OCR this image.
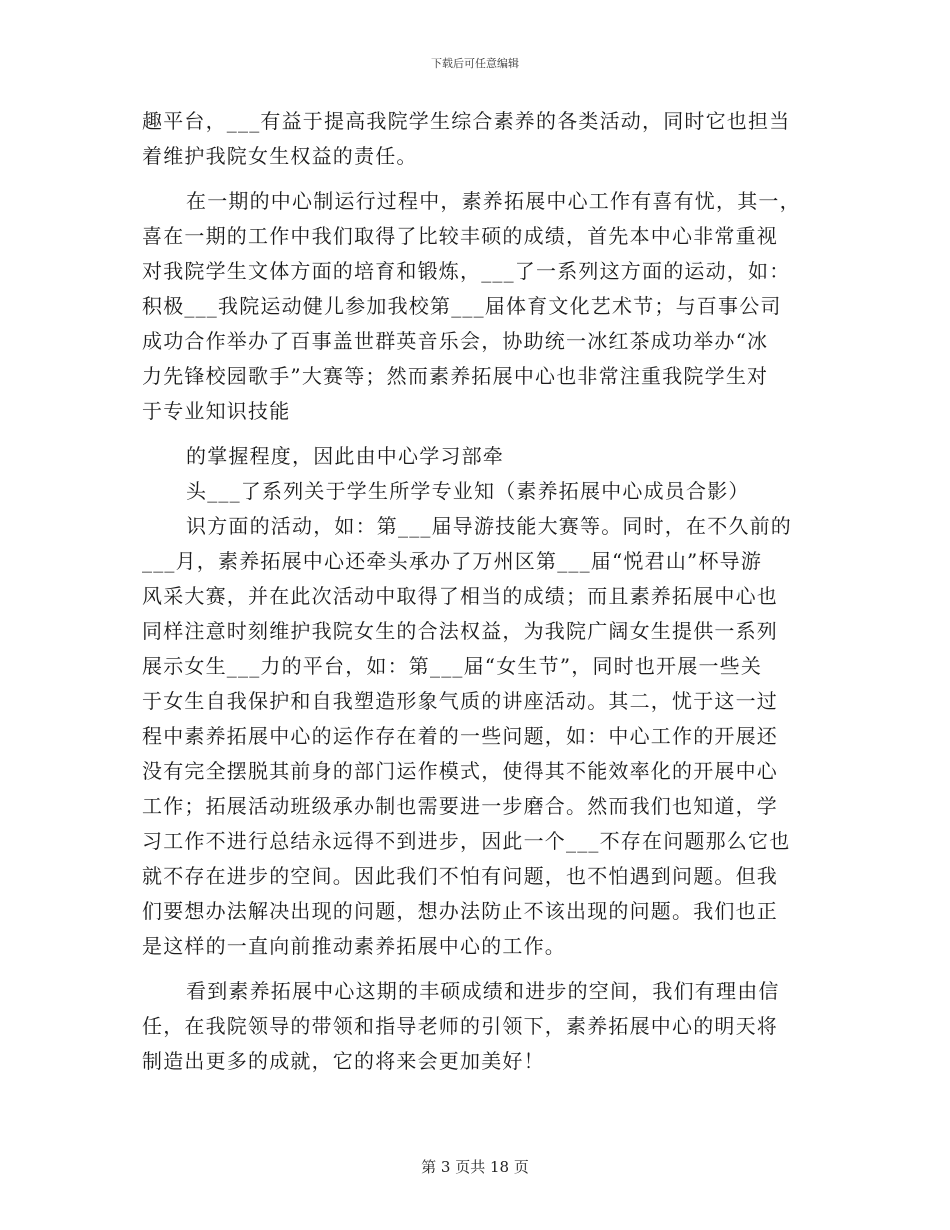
下载后可任意编辑
趣平台，___有益于提高我院学生综合素养的各类活动，同时它也担当
着维护我院女生权益的责任。
在一期的中心制运行过程中，素养拓展中心工作有喜有忧，其一，
喜在一期的工作中我们取得了比较丰硕的成绩，首先本中心非常重视
对我院学生文体方面的培育和锻炼，___了一系列这方面的运动，如：
积极___我院运动健儿参加我校第___届体育文化艺术节；与百事公司
成功合作举办了百事盖世群英音乐会，协助统一冰红茶成功举办“冰
力先锋校园歌手”大赛等；然而素养拓展中心也非常注重我院学生对
于专业知识技能
的掌握程度，因此由中心学习部牵
头___了系列关于学生所学专业知（素养拓展中心成员合影）
识方面的活动，如：第___届导游技能大赛等。同时，在不久前的
___月，素养拓展中心还牵头承办了万州区第___届“悦君山”杯导游
风采大赛，并在此次活动中取得了相当的成绩；而且素养拓展中心也
同样注意时刻维护我院女生的合法权益，为我院广阔女生提供一系列
展示女生___力的平台，如：第___届“女生节”，同时也开展一些关
于女生自我保护和自我塑造形象气质的讲座活动。其二，忧于这一过
程中素养拓展中心的运作存在着的一些问题，如：中心工作的开展还
没有完全摆脱其前身的部门运作模式，使得其不能效率化的开展中心
工作；拓展活动班级承办制也需要进一步磨合。然而我们也知道，学
习工作不进行总结永远得不到进步，因此一个___不存在问题那么它也
就不存在进步的空间。因此我们不怕有问题，也不怕遇到问题。但我
们要想办法解决出现的问题，想办法防止不该出现的问题。我们也正
是这样的一直向前推动素养拓展中心的工作。
看到素养拓展中心这期的丰硕成绩和进步的空间，我们有理由信
任，在我院领导的带领和指导老师的引领下，素养拓展中心的明天将
制造出更多的成就，它的将来会更加美好！
第 3 页共 18 页
